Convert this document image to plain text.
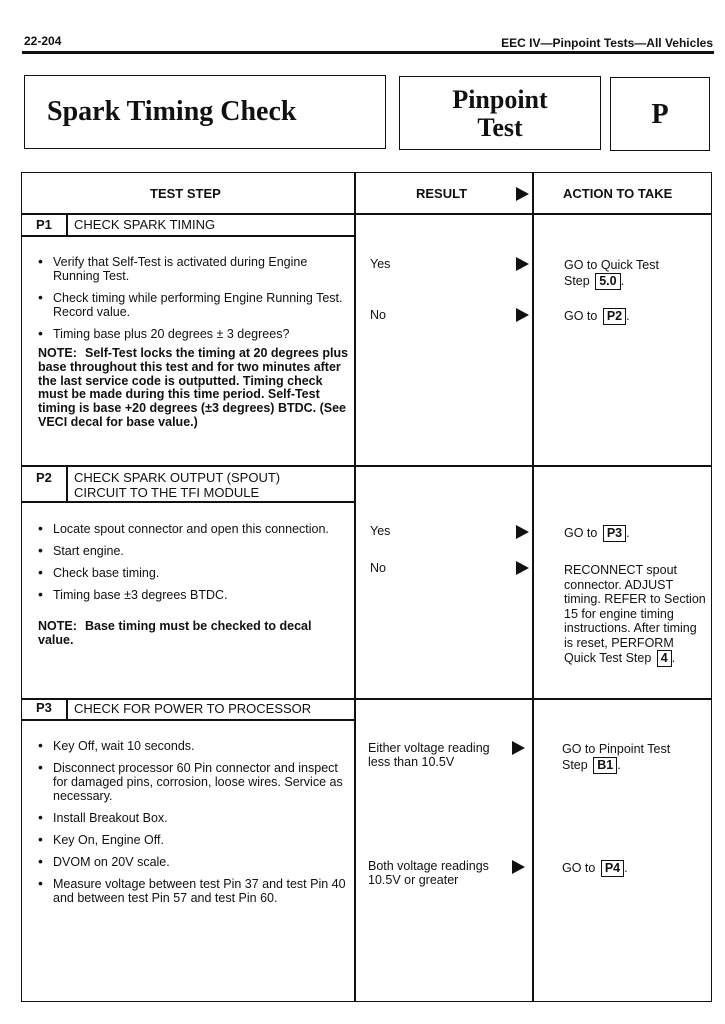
22-204	EEC IV—Pinpoint Tests—All Vehicles
Spark Timing Check	Pinpoint
Test	P
TEST STEP	RESULT	ACTION TO TAKE
P1 CHECK SPARK TIMING
• Verify that Self-Test is activated during Engine Running Test.
• Check timing while performing Engine Running Test. Record value.
• Timing base plus 20 degrees ± 3 degrees?
NOTE: Self-Test locks the timing at 20 degrees plus base throughout this test and for two minutes after the last service code is outputted. Timing check must be made during this time period. Self-Test timing is base +20 degrees (±3 degrees) BTDC. (See VECI decal for base value.)
Yes	GO to Quick Test Step 5.0 .
No	GO to P2 .
P2 CHECK SPARK OUTPUT (SPOUT)
CIRCUIT TO THE TFI MODULE
• Locate spout connector and open this connection.
• Start engine.
• Check base timing.
• Timing base ±3 degrees BTDC.
NOTE: Base timing must be checked to decal value.
Yes	GO to P3 .
No	RECONNECT spout connector. ADJUST timing. REFER to Section 15 for engine timing instructions. After timing is reset, PERFORM Quick Test Step 4 .
P3 CHECK FOR POWER TO PROCESSOR
• Key Off, wait 10 seconds.
• Disconnect processor 60 Pin connector and inspect for damaged pins, corrosion, loose wires. Service as necessary.
• Install Breakout Box.
• Key On, Engine Off.
• DVOM on 20V scale.
• Measure voltage between test Pin 37 and test Pin 40 and between test Pin 57 and test Pin 60.
Either voltage reading less than 10.5V
GO to Pinpoint Test Step B1 .
Both voltage readings 10.5V or greater
GO to P4 .
